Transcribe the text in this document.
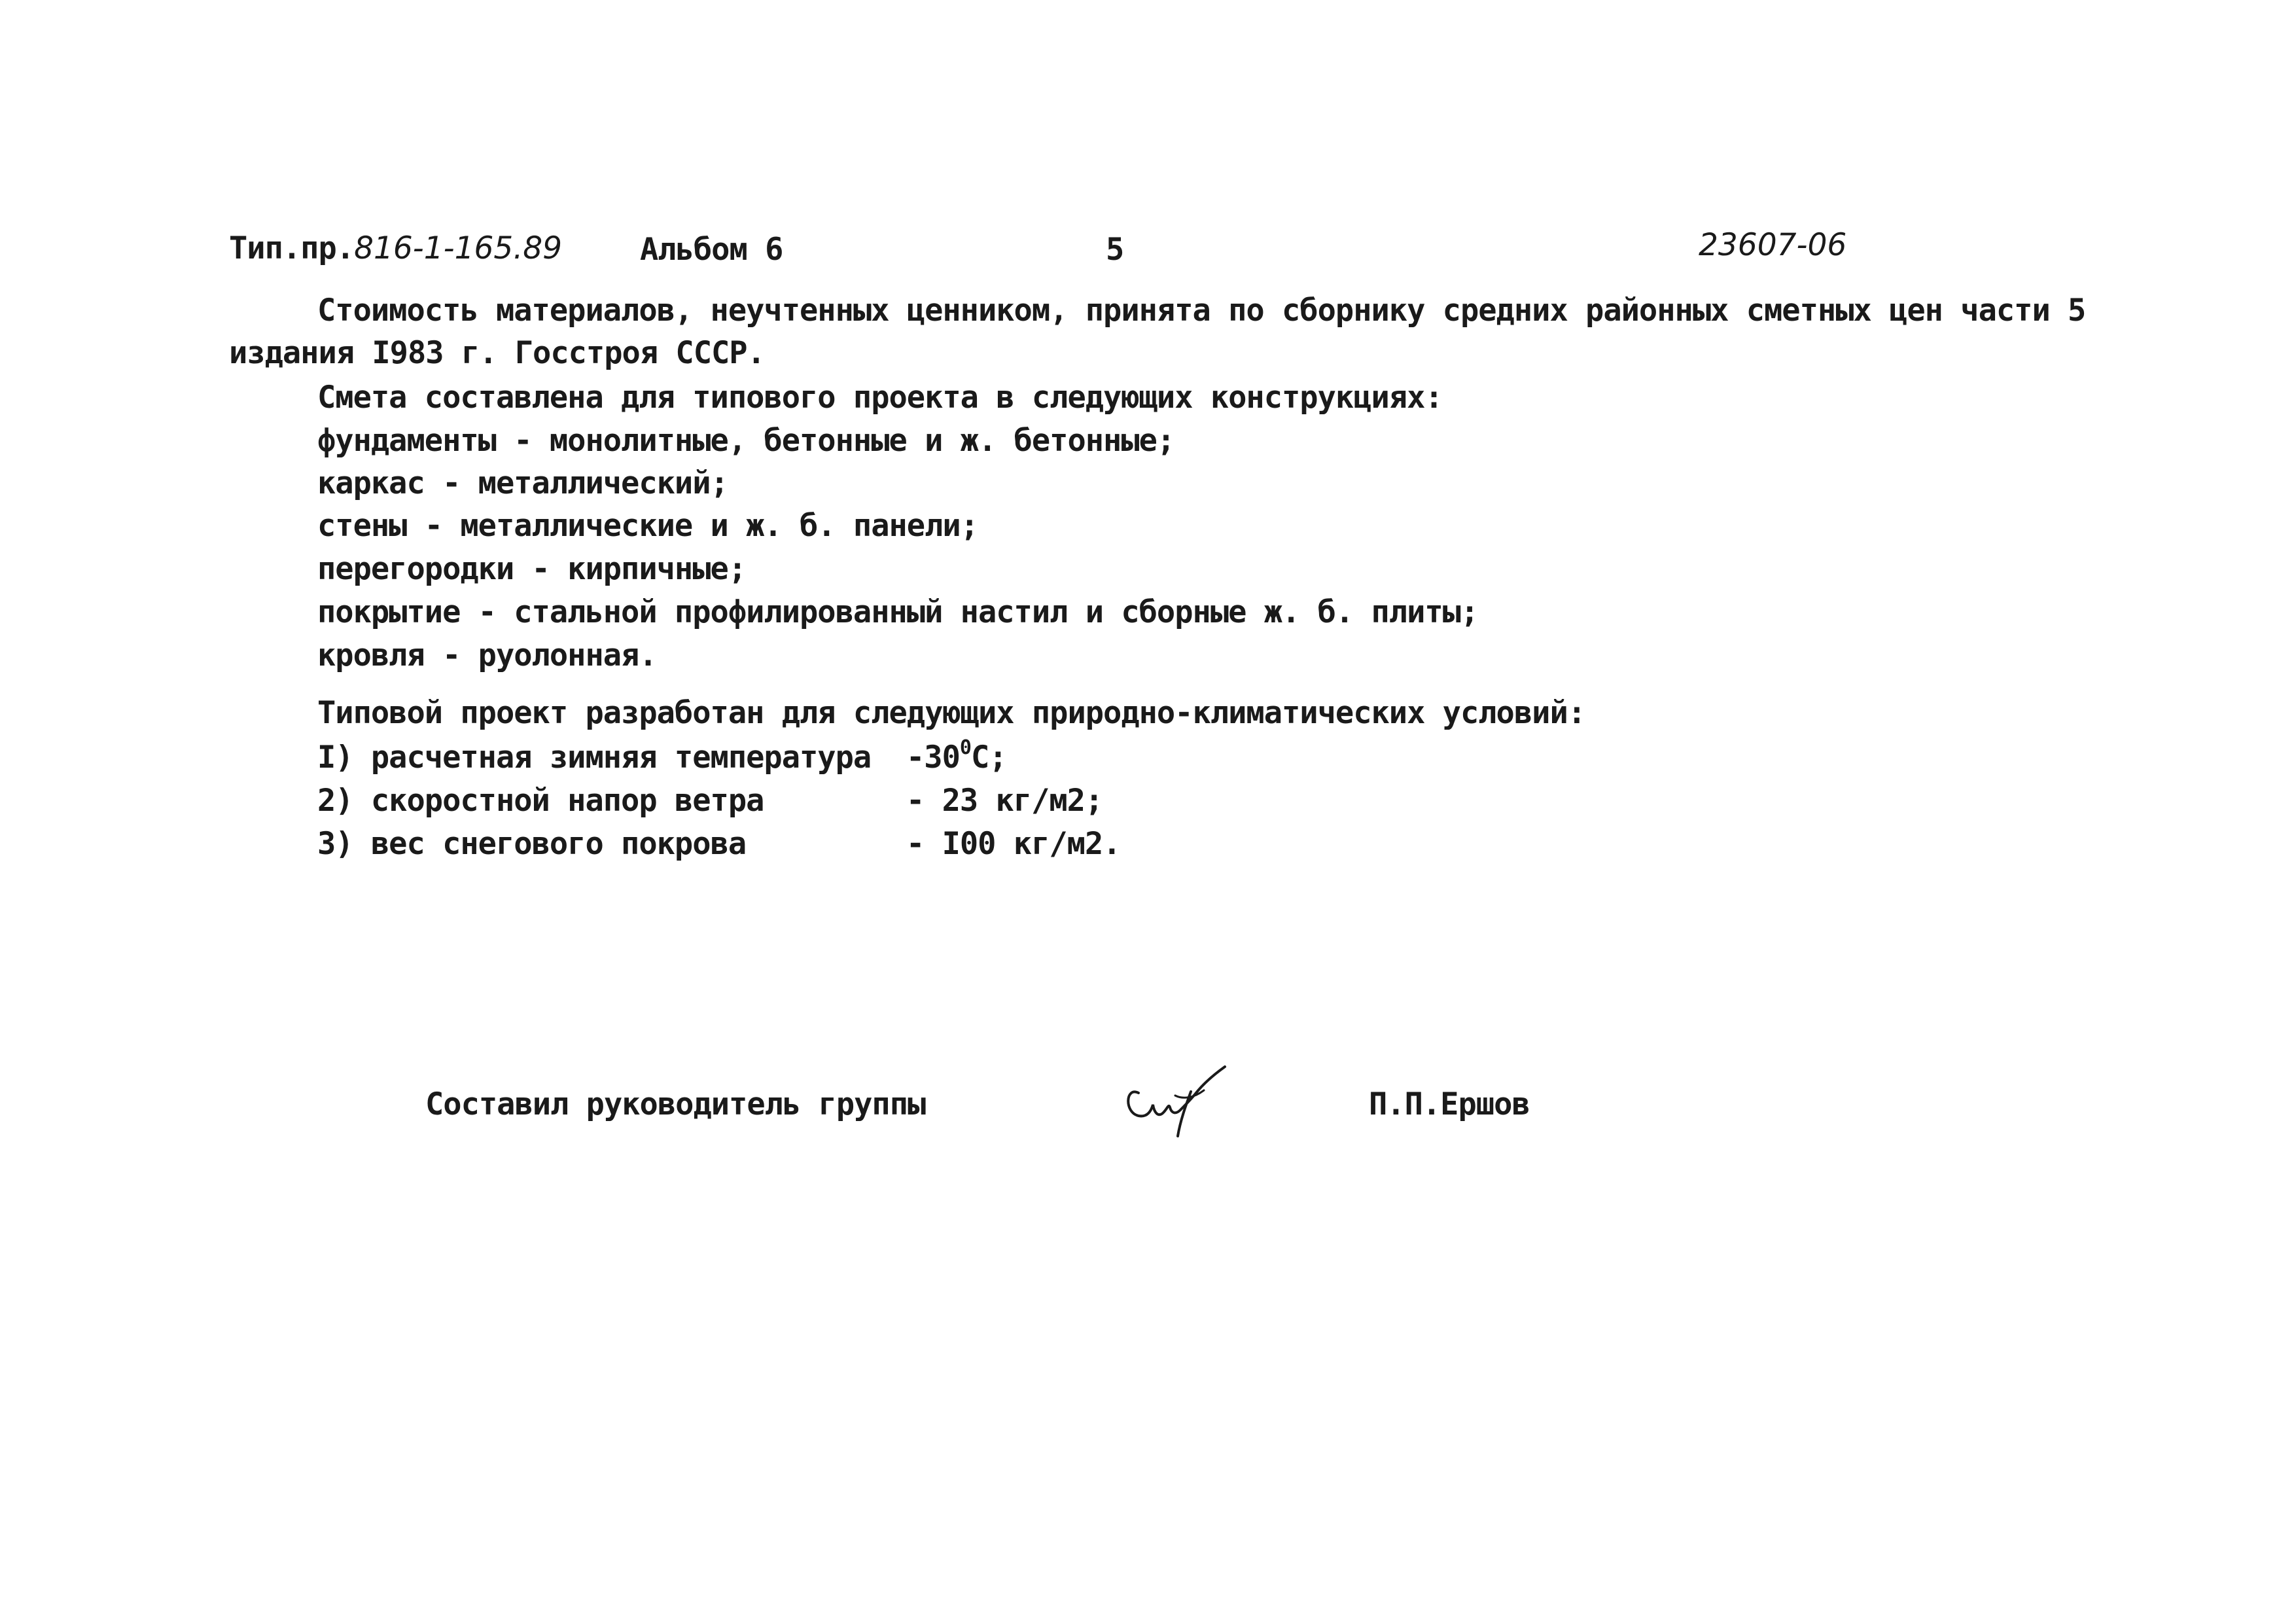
Тип.пр.816-1-165.89	Альбом 6	5	23607-06
Стоимость материалов, неучтенных ценником, принята по сборнику средних районных сметных цен части 5
издания I983 г. Госстроя СССР.
Смета составлена для типового проекта в следующих конструкциях:
фундаменты - монолитные, бетонные и ж. бетонные;
каркас - металлический;
стены - металлические и ж. б. панели;
перегородки - кирпичные;
покрытие - стальной профилированный настил и сборные ж. б. плиты;
кровля - руолонная.
Типовой проект разработан для следующих природно-климатических условий:
I) расчетная зимняя температура $-30^0С$;
2) скоростной напор ветра	- 23 кг/м2;
3) вес снегового покрова	- I00 кг/м2.
Составил руководитель группы	П.П.Ершов
